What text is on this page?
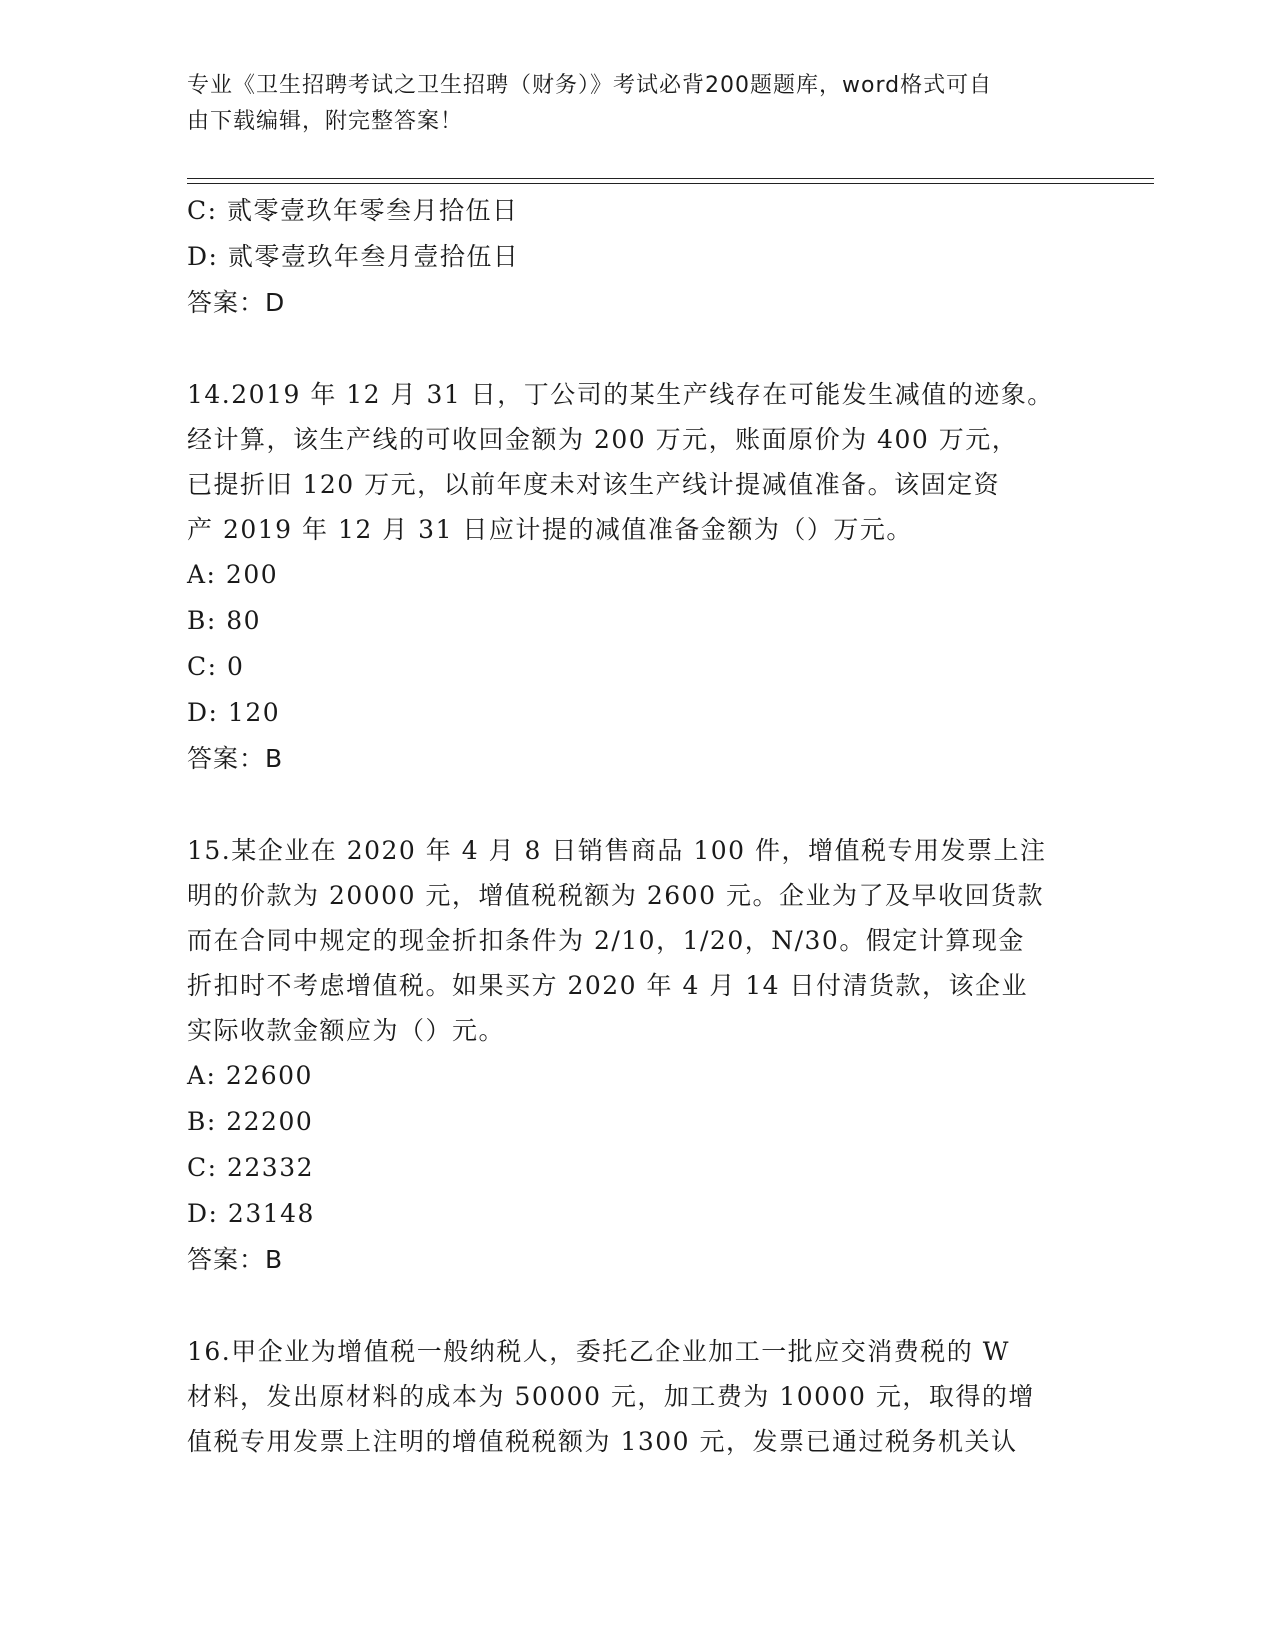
专业《卫生招聘考试之卫生招聘（财务）》考试必背200题题库，word格式可自
由下载编辑，附完整答案！
C: 贰零壹玖年零叁月拾伍日
D: 贰零壹玖年叁月壹拾伍日
答案：D
14.2019 年 12 月 31 日，丁公司的某生产线存在可能发生减值的迹象。
经计算，该生产线的可收回金额为 200 万元，账面原价为 400 万元，
已提折旧 120 万元，以前年度未对该生产线计提减值准备。该固定资
产 2019 年 12 月 31 日应计提的减值准备金额为（）万元。
A: 200
B: 80
C: 0
D: 120
答案：B
15.某企业在 2020 年 4 月 8 日销售商品 100 件，增值税专用发票上注
明的价款为 20000 元，增值税税额为 2600 元。企业为了及早收回货款
而在合同中规定的现金折扣条件为 2/10，1/20，N/30。假定计算现金
折扣时不考虑增值税。如果买方 2020 年 4 月 14 日付清货款，该企业
实际收款金额应为（）元。
A: 22600
B: 22200
C: 22332
D: 23148
答案：B
16.甲企业为增值税一般纳税人，委托乙企业加工一批应交消费税的 W
材料，发出原材料的成本为 50000 元，加工费为 10000 元，取得的增
值税专用发票上注明的增值税税额为 1300 元，发票已通过税务机关认
